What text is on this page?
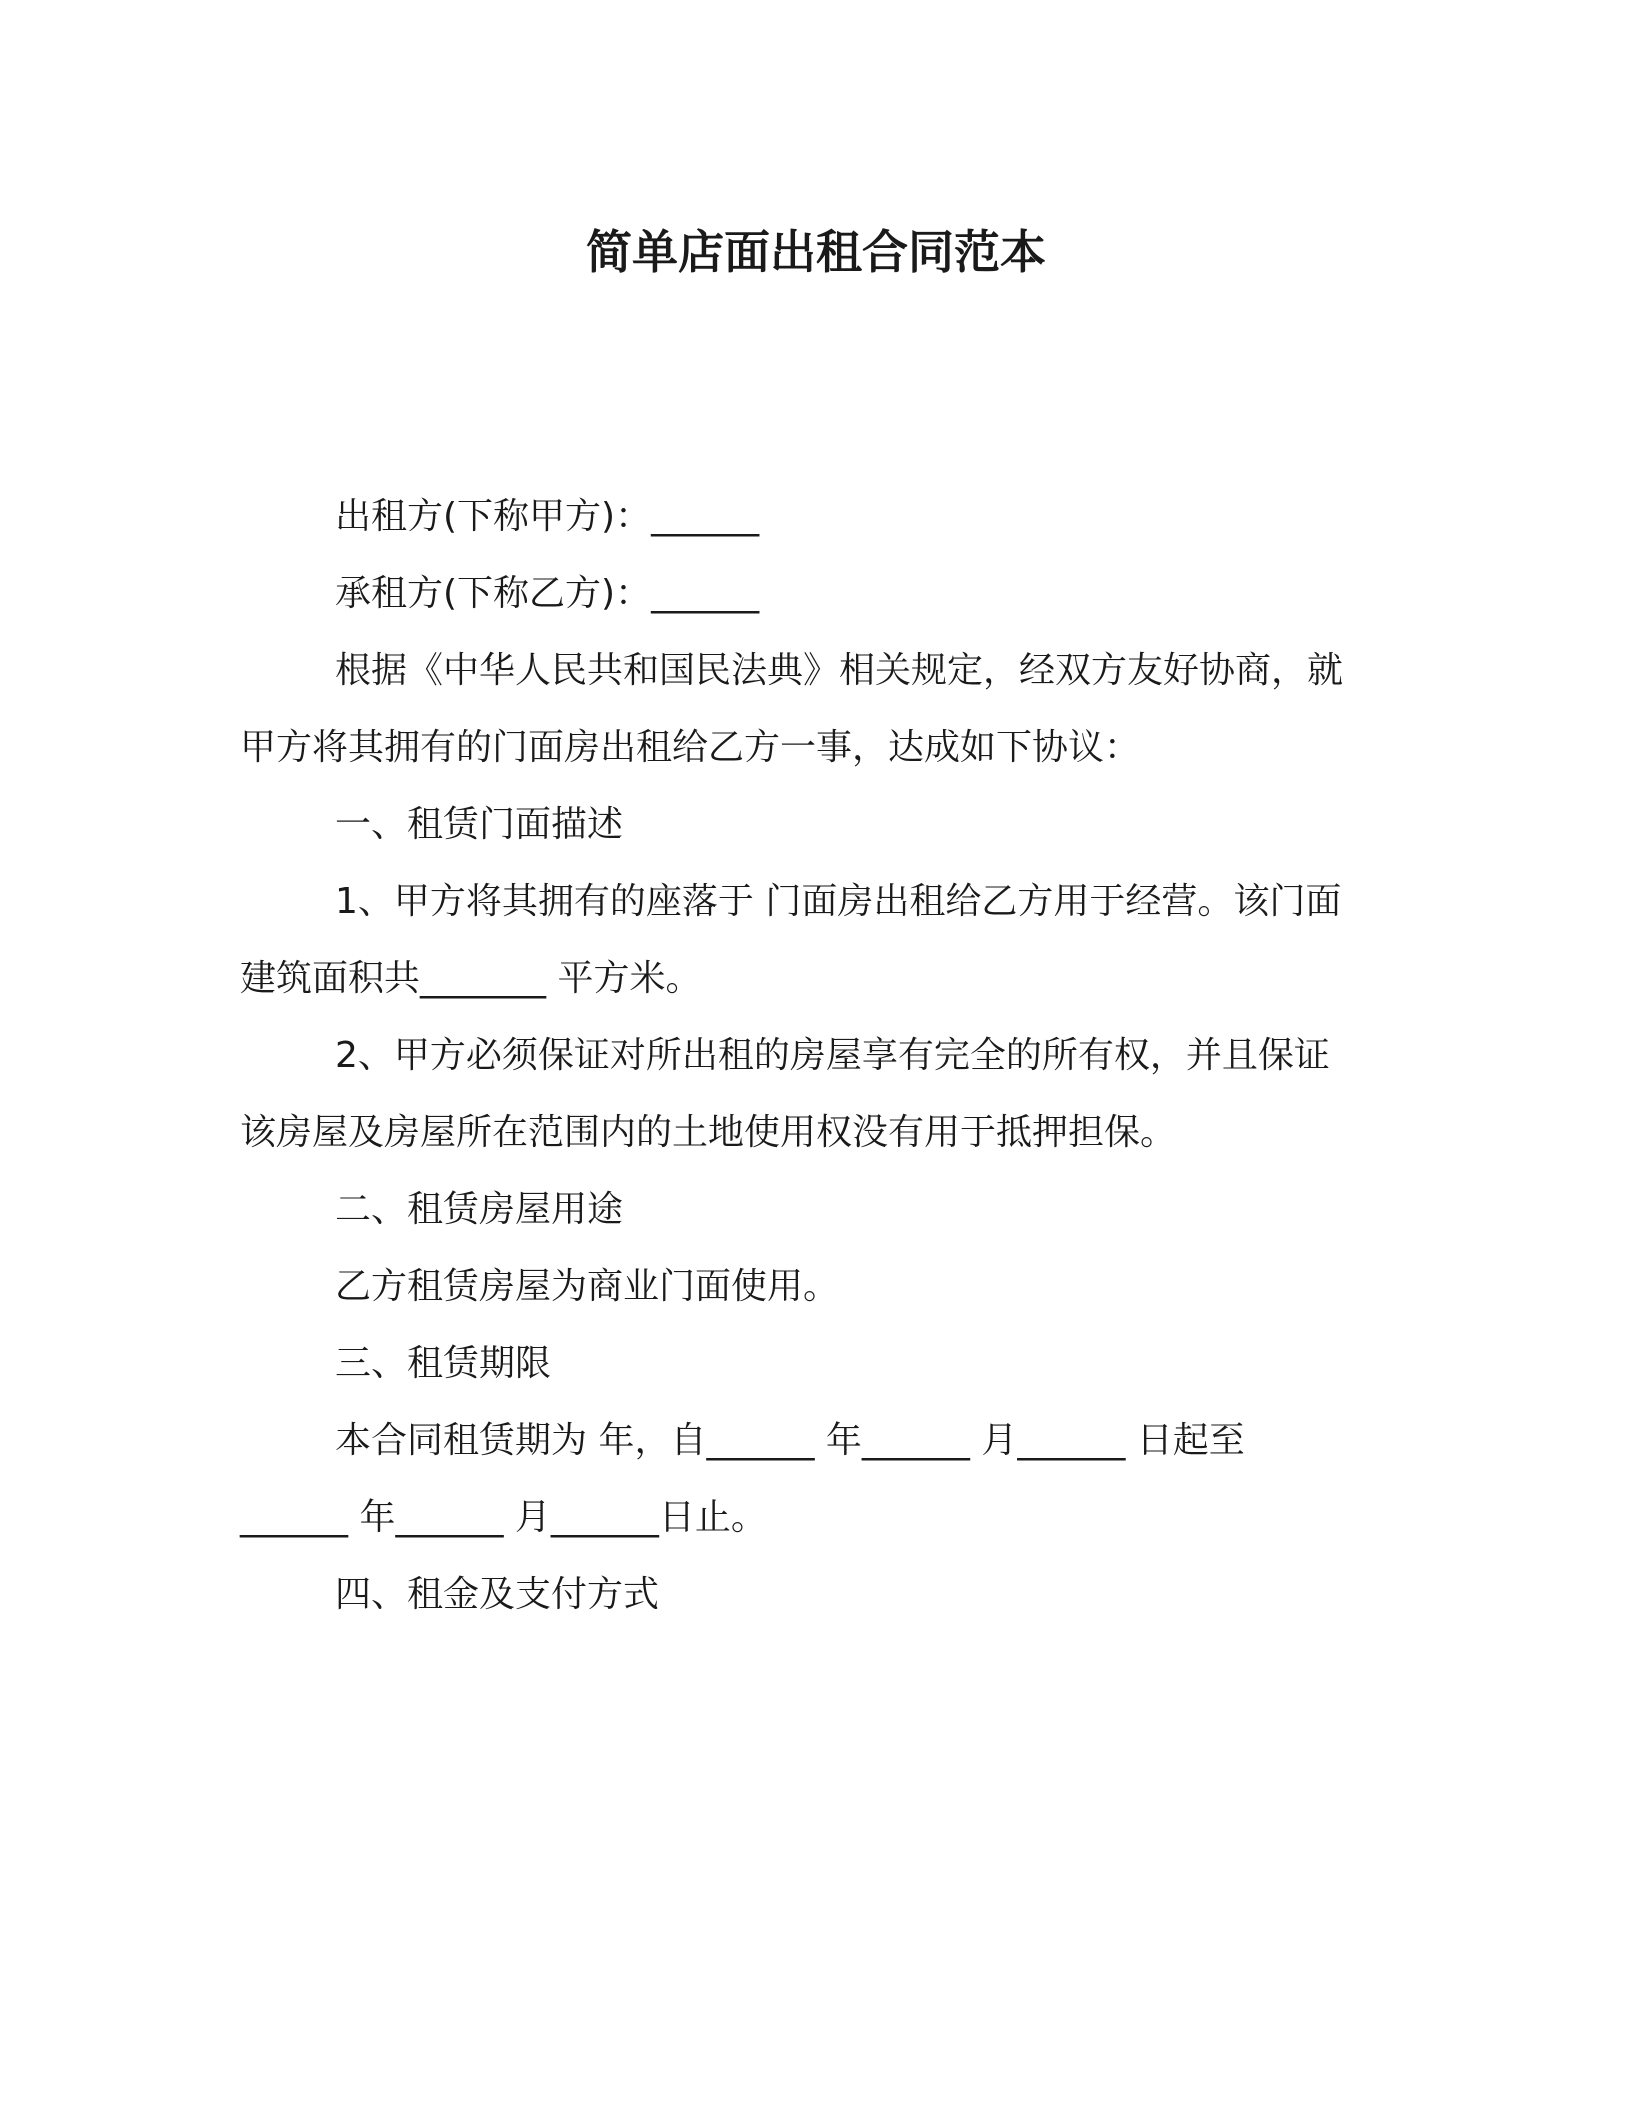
简单店面出租合同范本
出租方(下称甲方)：______
承租方(下称乙方)：______
根据《中华人民共和国民法典》相关规定，经双方友好协商，就
甲方将其拥有的门面房出租给乙方一事，达成如下协议：
一、租赁门面描述
1、甲方将其拥有的座落于 门面房出租给乙方用于经营。该门面
建筑面积共_______ 平方米。
2、甲方必须保证对所出租的房屋享有完全的所有权，并且保证
该房屋及房屋所在范围内的土地使用权没有用于抵押担保。
二、租赁房屋用途
乙方租赁房屋为商业门面使用。
三、租赁期限
本合同租赁期为 年，自______ 年______ 月______ 日起至
______ 年______ 月______日止。
四、租金及支付方式
